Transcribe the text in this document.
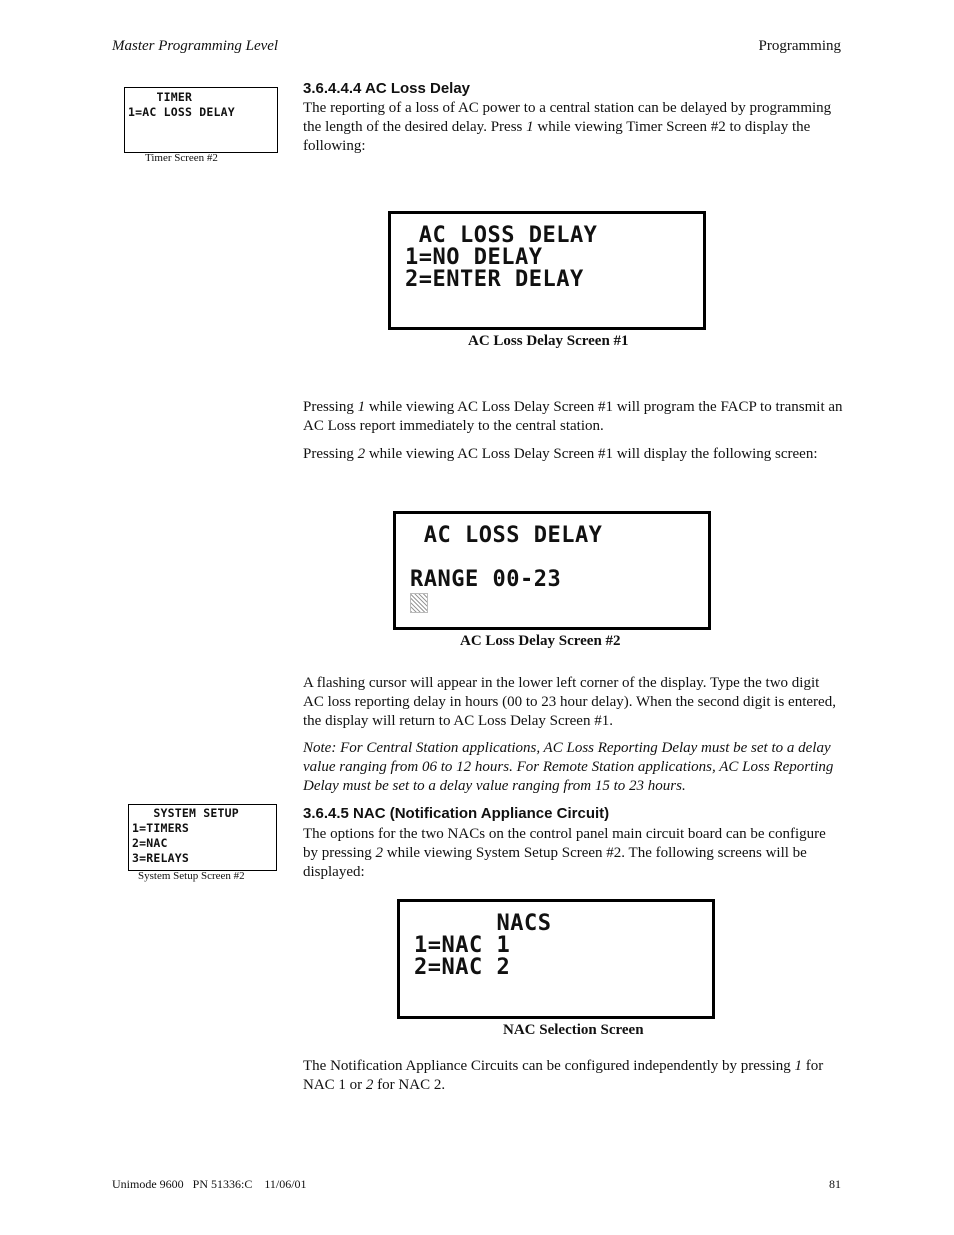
Master Programming Level	Programming
TIMER
1=AC LOSS DELAY
Timer Screen #2
3.6.4.4.4 AC Loss Delay
The reporting of a loss of AC power to a central station can be delayed by programming the length of the desired delay. Press 1 while viewing Timer Screen #2 to display the following:
AC LOSS DELAY
1=NO DELAY
2=ENTER DELAY
AC Loss Delay Screen #1
Pressing 1 while viewing AC Loss Delay Screen #1 will program the FACP to transmit an AC Loss report immediately to the central station.
Pressing 2 while viewing AC Loss Delay Screen #1 will display the following screen:
AC LOSS DELAY
RANGE 00-23
AC Loss Delay Screen #2
A flashing cursor will appear in the lower left corner of the display. Type the two digit AC loss reporting delay in hours (00 to 23 hour delay). When the second digit is entered, the display will return to AC Loss Delay Screen #1.
Note: For Central Station applications, AC Loss Reporting Delay must be set to a delay value ranging from 06 to 12 hours. For Remote Station applications, AC Loss Reporting Delay must be set to a delay value ranging from 15 to 23 hours.
SYSTEM SETUP
1=TIMERS
2=NAC
3=RELAYS
System Setup Screen #2
3.6.4.5 NAC (Notification Appliance Circuit)
The options for the two NACs on the control panel main circuit board can be configure by pressing 2 while viewing System Setup Screen #2. The following screens will be displayed:
NACS
1=NAC 1
2=NAC 2
NAC Selection Screen
The Notification Appliance Circuits can be configured independently by pressing 1 for NAC 1 or 2 for NAC 2.
Unimode 9600   PN 51336:C    11/06/01	81
